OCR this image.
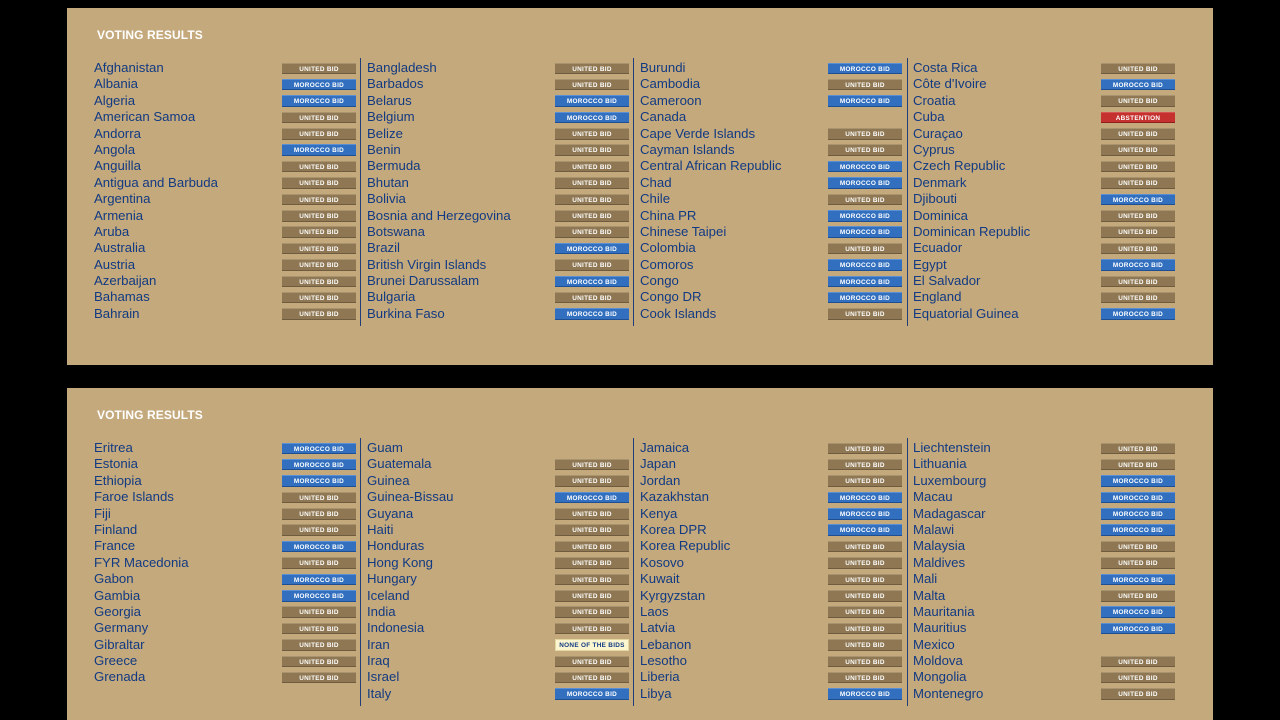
VOTING RESULTS
Afghanistan	UNITED BID
Albania	MOROCCO BID
Algeria	MOROCCO BID
American Samoa	UNITED BID
Andorra	UNITED BID
Angola	MOROCCO BID
Anguilla	UNITED BID
Antigua and Barbuda	UNITED BID
Argentina	UNITED BID
Armenia	UNITED BID
Aruba	UNITED BID
Australia	UNITED BID
Austria	UNITED BID
Azerbaijan	UNITED BID
Bahamas	UNITED BID
Bahrain	UNITED BID
Bangladesh	UNITED BID
Barbados	UNITED BID
Belarus	MOROCCO BID
Belgium	MOROCCO BID
Belize	UNITED BID
Benin	UNITED BID
Bermuda	UNITED BID
Bhutan	UNITED BID
Bolivia	UNITED BID
Bosnia and Herzegovina	UNITED BID
Botswana	UNITED BID
Brazil	MOROCCO BID
British Virgin Islands	UNITED BID
Brunei Darussalam	MOROCCO BID
Bulgaria	UNITED BID
Burkina Faso	MOROCCO BID
Burundi	MOROCCO BID
Cambodia	UNITED BID
Cameroon	MOROCCO BID
Canada
Cape Verde Islands	UNITED BID
Cayman Islands	UNITED BID
Central African Republic	MOROCCO BID
Chad	MOROCCO BID
Chile	UNITED BID
China PR	MOROCCO BID
Chinese Taipei	MOROCCO BID
Colombia	UNITED BID
Comoros	MOROCCO BID
Congo	MOROCCO BID
Congo DR	MOROCCO BID
Cook Islands	UNITED BID
Costa Rica	UNITED BID
Côte d'Ivoire	MOROCCO BID
Croatia	UNITED BID
Cuba	ABSTENTION
Curaçao	UNITED BID
Cyprus	UNITED BID
Czech Republic	UNITED BID
Denmark	UNITED BID
Djibouti	MOROCCO BID
Dominica	UNITED BID
Dominican Republic	UNITED BID
Ecuador	UNITED BID
Egypt	MOROCCO BID
El Salvador	UNITED BID
England	UNITED BID
Equatorial Guinea	MOROCCO BID
VOTING RESULTS
Eritrea	MOROCCO BID
Estonia	MOROCCO BID
Ethiopia	MOROCCO BID
Faroe Islands	UNITED BID
Fiji	UNITED BID
Finland	UNITED BID
France	MOROCCO BID
FYR Macedonia	UNITED BID
Gabon	MOROCCO BID
Gambia	MOROCCO BID
Georgia	UNITED BID
Germany	UNITED BID
Gibraltar	UNITED BID
Greece	UNITED BID
Grenada	UNITED BID
Guam
Guatemala	UNITED BID
Guinea	UNITED BID
Guinea-Bissau	MOROCCO BID
Guyana	UNITED BID
Haiti	UNITED BID
Honduras	UNITED BID
Hong Kong	UNITED BID
Hungary	UNITED BID
Iceland	UNITED BID
India	UNITED BID
Indonesia	UNITED BID
Iran	NONE OF THE BIDS
Iraq	UNITED BID
Israel	UNITED BID
Italy	MOROCCO BID
Jamaica	UNITED BID
Japan	UNITED BID
Jordan	UNITED BID
Kazakhstan	MOROCCO BID
Kenya	MOROCCO BID
Korea DPR	MOROCCO BID
Korea Republic	UNITED BID
Kosovo	UNITED BID
Kuwait	UNITED BID
Kyrgyzstan	UNITED BID
Laos	UNITED BID
Latvia	UNITED BID
Lebanon	UNITED BID
Lesotho	UNITED BID
Liberia	UNITED BID
Libya	MOROCCO BID
Liechtenstein	UNITED BID
Lithuania	UNITED BID
Luxembourg	MOROCCO BID
Macau	MOROCCO BID
Madagascar	MOROCCO BID
Malawi	MOROCCO BID
Malaysia	UNITED BID
Maldives	UNITED BID
Mali	MOROCCO BID
Malta	UNITED BID
Mauritania	MOROCCO BID
Mauritius	MOROCCO BID
Mexico
Moldova	UNITED BID
Mongolia	UNITED BID
Montenegro	UNITED BID
